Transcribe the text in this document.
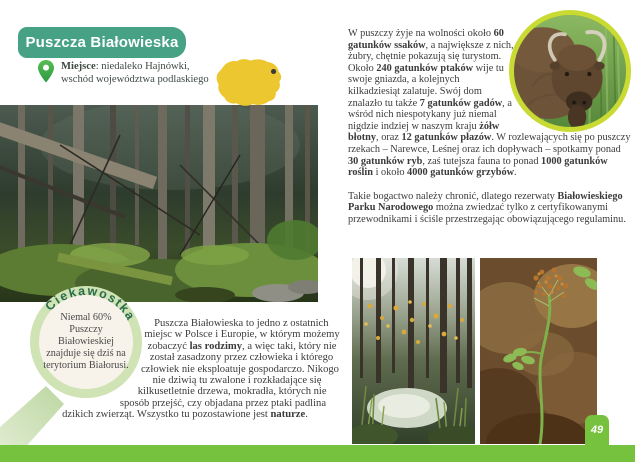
Puszcza Białowieska

Miejsce: niedaleko Hajnówki, wschód województwa podlaskiego

W puszczy żyje na wolności około 60 gatunków ssaków, a największe z nich, żubry, chętnie pokazują się turystom. Około 240 gatunków ptaków wije tu swoje gniazda, a kolejnych kilkadziesiąt zalatuje. Swój dom znalazło tu także 7 gatunków gadów, a wśród nich niespotykany już niemal nigdzie indziej w naszym kraju żółw błotny, oraz 12 gatunków płazów. W rozlewających się po puszczy rzekach – Narewce, Leśnej oraz ich dopływach – spotkamy ponad 30 gatunków ryb, zaś tutejsza fauna to ponad 1000 gatunków roślin i około 4000 gatunków grzybów.

Takie bogactwo należy chronić, dlatego rezerwaty Białowieskiego Parku Narodowego można zwiedzać tylko z certyfikowanymi przewodnikami i ściśle przestrzegając obowiązującego regulaminu.

Ciekawostka

Niemal 60% Puszczy Białowieskiej znajduje się dziś na terytorium Białorusi.

Puszcza Białowieska to jedno z ostatnich miejsc w Polsce i Europie, w którym możemy zobaczyć las rodzimy, a więc taki, który nie został zasadzony przez człowieka i którego człowiek nie eksploatuje gospodarczo. Nikogo nie dziwią tu zwalone i rozkładające się kilkusetletnie drzewa, mokradła, których nie sposób przejść, czy objadana przez ptaki padlina dzikich zwierząt. Wszystko tu pozostawione jest naturze.

49
